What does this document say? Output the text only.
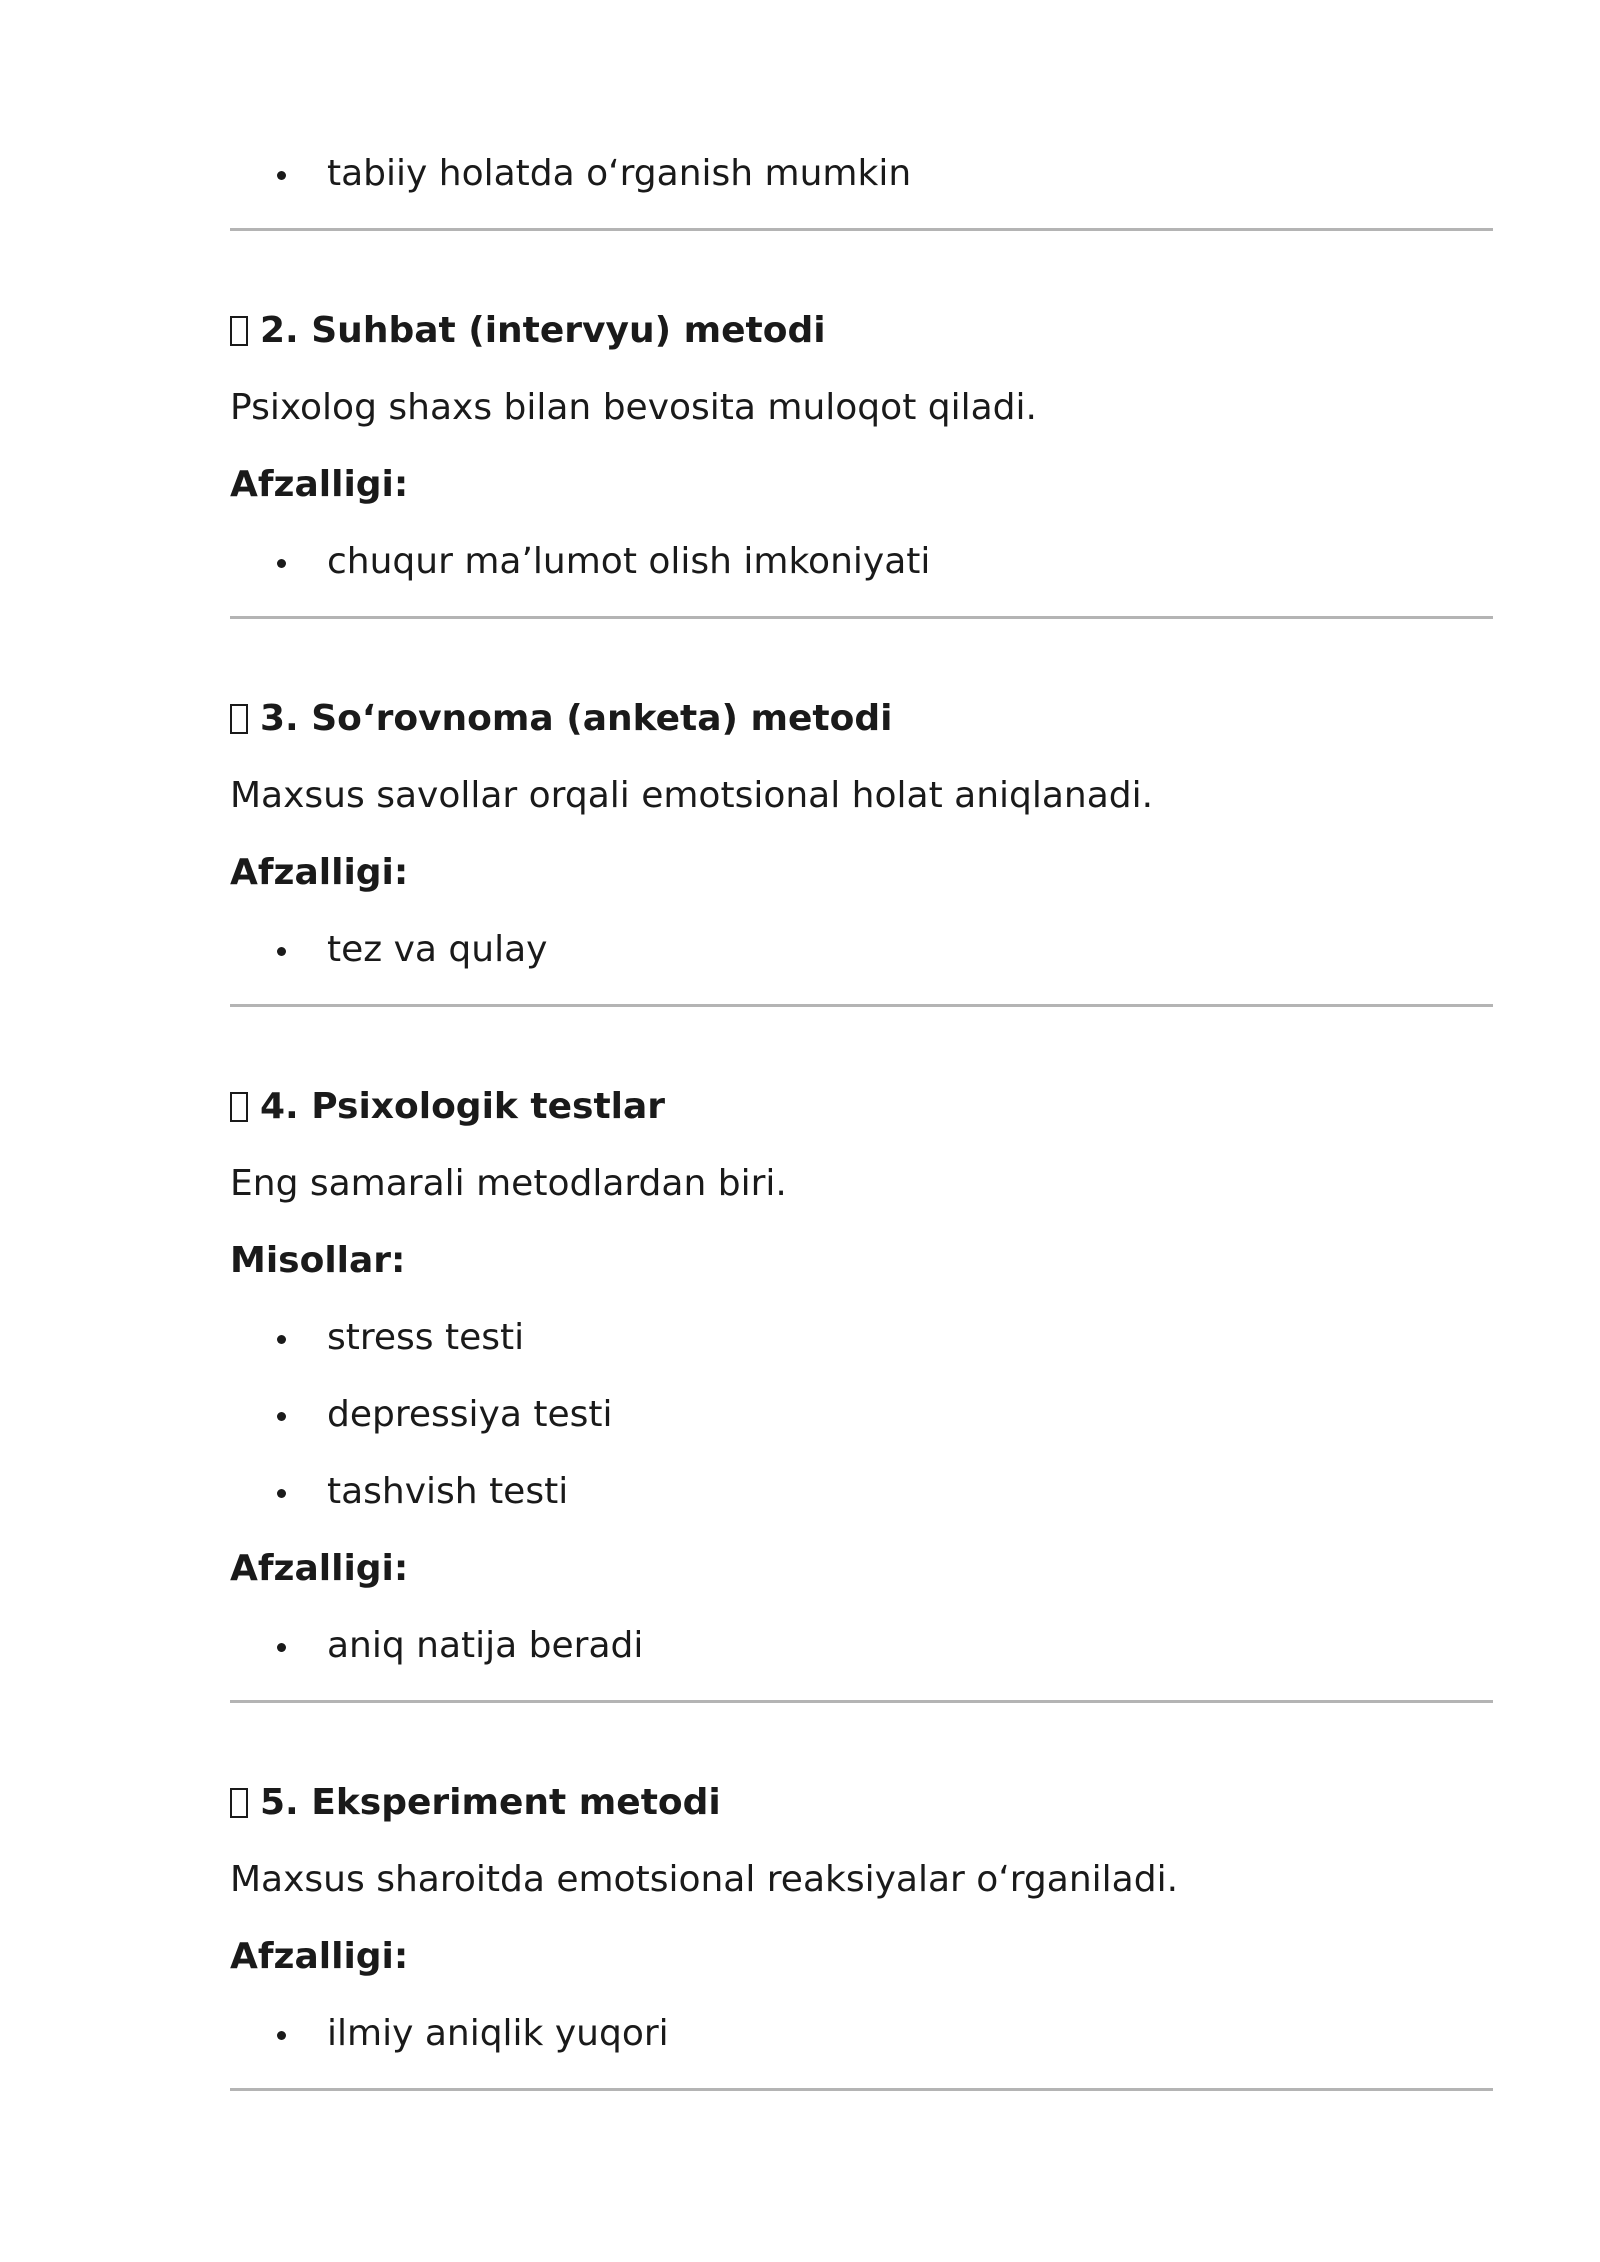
tabiiy holatda o‘rganish mumkin
2. Suhbat (intervyu) metodi
Psixolog shaxs bilan bevosita muloqot qiladi.
Afzalligi:
chuqur ma’lumot olish imkoniyati
3. So‘rovnoma (anketa) metodi
Maxsus savollar orqali emotsional holat aniqlanadi.
Afzalligi:
tez va qulay
4. Psixologik testlar
Eng samarali metodlardan biri.
Misollar:
stress testi
depressiya testi
tashvish testi
Afzalligi:
aniq natija beradi
5. Eksperiment metodi
Maxsus sharoitda emotsional reaksiyalar o‘rganiladi.
Afzalligi:
ilmiy aniqlik yuqori
